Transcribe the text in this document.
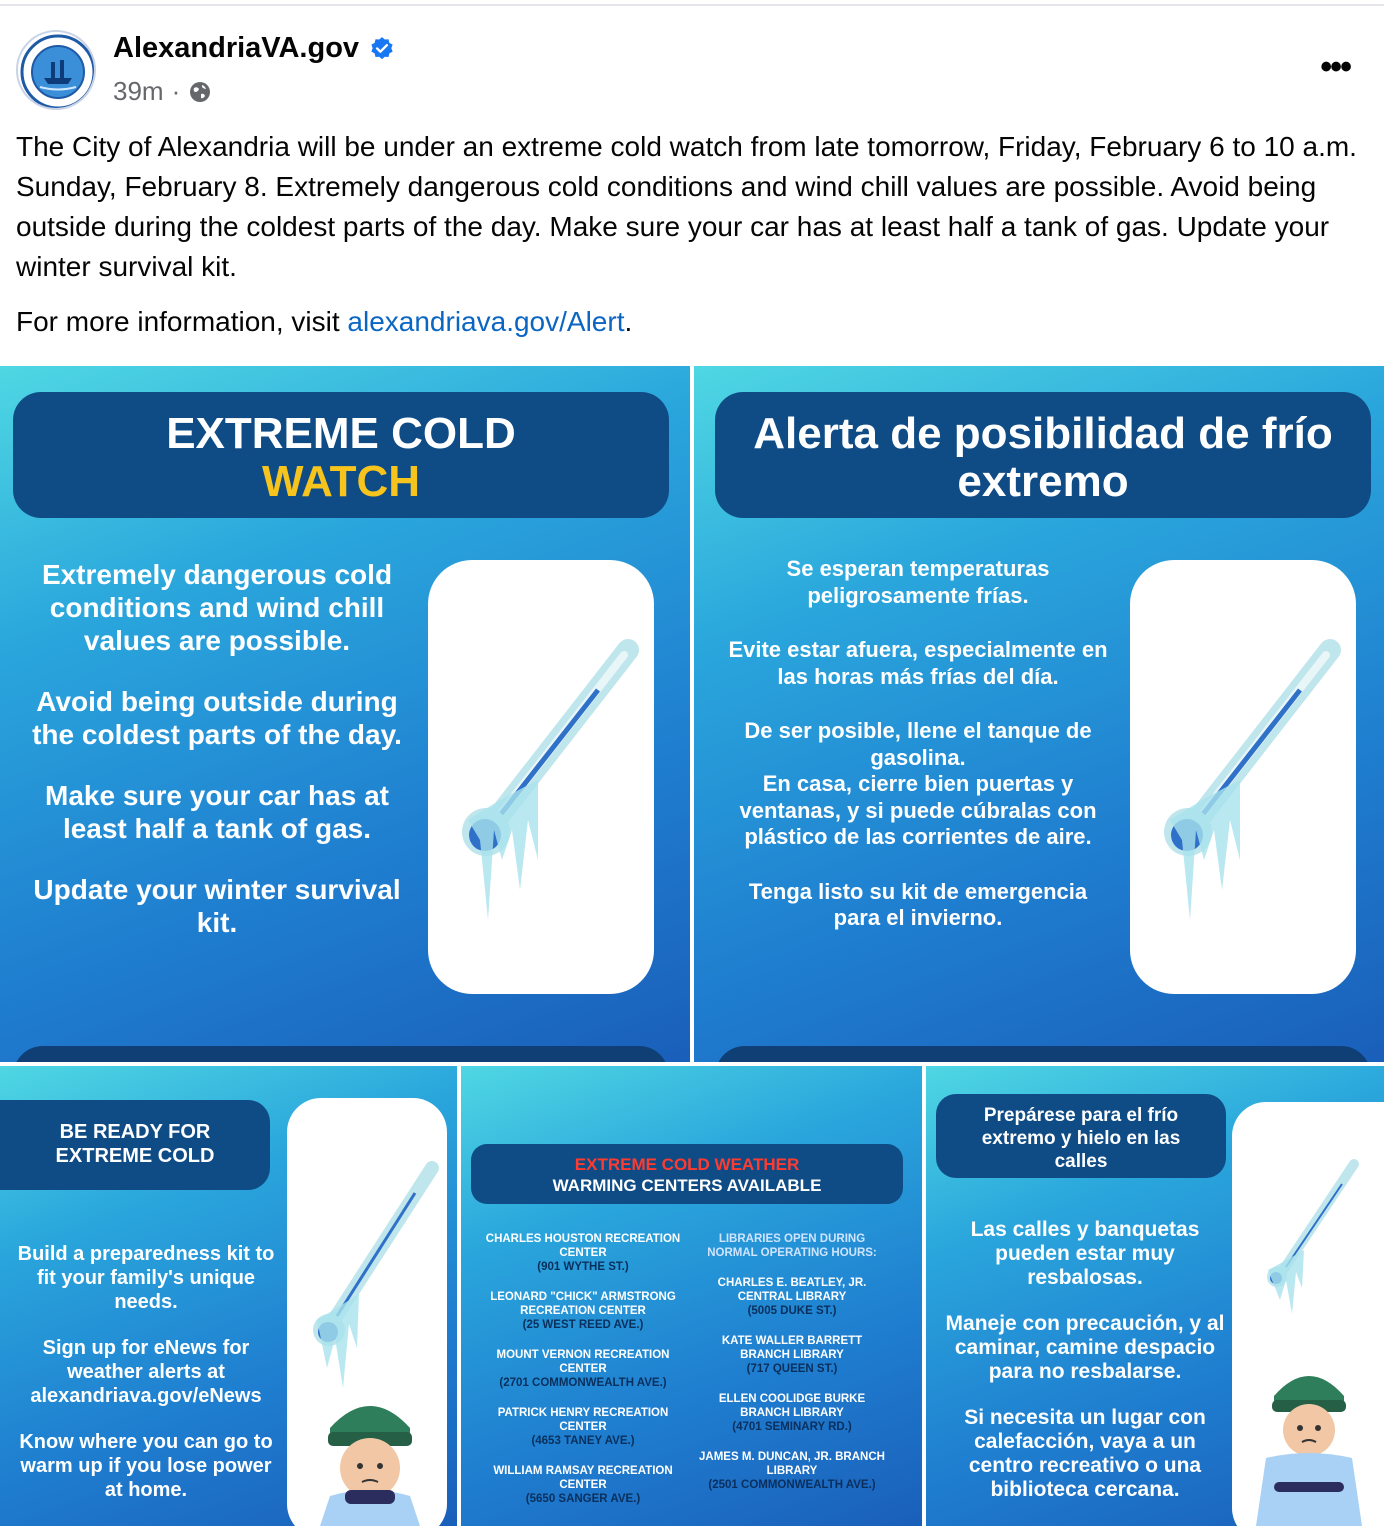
AlexandriaVA.gov
39m ·
•••
The City of Alexandria will be under an extreme cold watch from late tomorrow, Friday, February 6 to 10 a.m. Sunday, February 8. Extremely dangerous cold conditions and wind chill values are possible. Avoid being outside during the coldest parts of the day. Make sure your car has at least half a tank of gas. Update your winter survival kit.
For more information, visit alexandriava.gov/Alert.
EXTREME COLD
WATCH

Extremely dangerous cold conditions and wind chill values are possible.

Avoid being outside during the coldest parts of the day.

Make sure your car has at least half a tank of gas.

Update your winter survival kit.

Alerta de posibilidad de frío extremo

Se esperan temperaturas peligrosamente frías.

Evite estar afuera, especialmente en las horas más frías del día.

De ser posible, llene el tanque de gasolina.

En casa, cierre bien puertas y ventanas, y si puede cúbralas con plástico de las corrientes de aire.

Tenga listo su kit de emergencia para el invierno.

BE READY FOR EXTREME COLD

Build a preparedness kit to fit your family's unique needs.

Sign up for eNews for weather alerts at alexandriava.gov/eNews

Know where you can go to warm up if you lose power at home.

EXTREME COLD WEATHER
WARMING CENTERS AVAILABLE
CHARLES HOUSTON RECREATION CENTER
(901 WYTHE ST.)
LEONARD "CHICK" ARMSTRONG RECREATION CENTER
(25 WEST REED AVE.)
MOUNT VERNON RECREATION CENTER
(2701 COMMONWEALTH AVE.)
PATRICK HENRY RECREATION CENTER
(4653 TANEY AVE.)
WILLIAM RAMSAY RECREATION CENTER
(5650 SANGER AVE.)
LIBRARIES OPEN DURING NORMAL OPERATING HOURS:
CHARLES E. BEATLEY, JR. CENTRAL LIBRARY
(5005 DUKE ST.)
KATE WALLER BARRETT BRANCH LIBRARY
(717 QUEEN ST.)
ELLEN COOLIDGE BURKE BRANCH LIBRARY
(4701 SEMINARY RD.)
JAMES M. DUNCAN, JR. BRANCH LIBRARY
(2501 COMMONWEALTH AVE.)
Prepárese para el frío extremo y hielo en las calles

Las calles y banquetas pueden estar muy resbalosas.

Maneje con precaución, y al caminar, camine despacio para no resbalarse.

Si necesita un lugar con calefacción, vaya a un centro recreativo o una biblioteca cercana.
